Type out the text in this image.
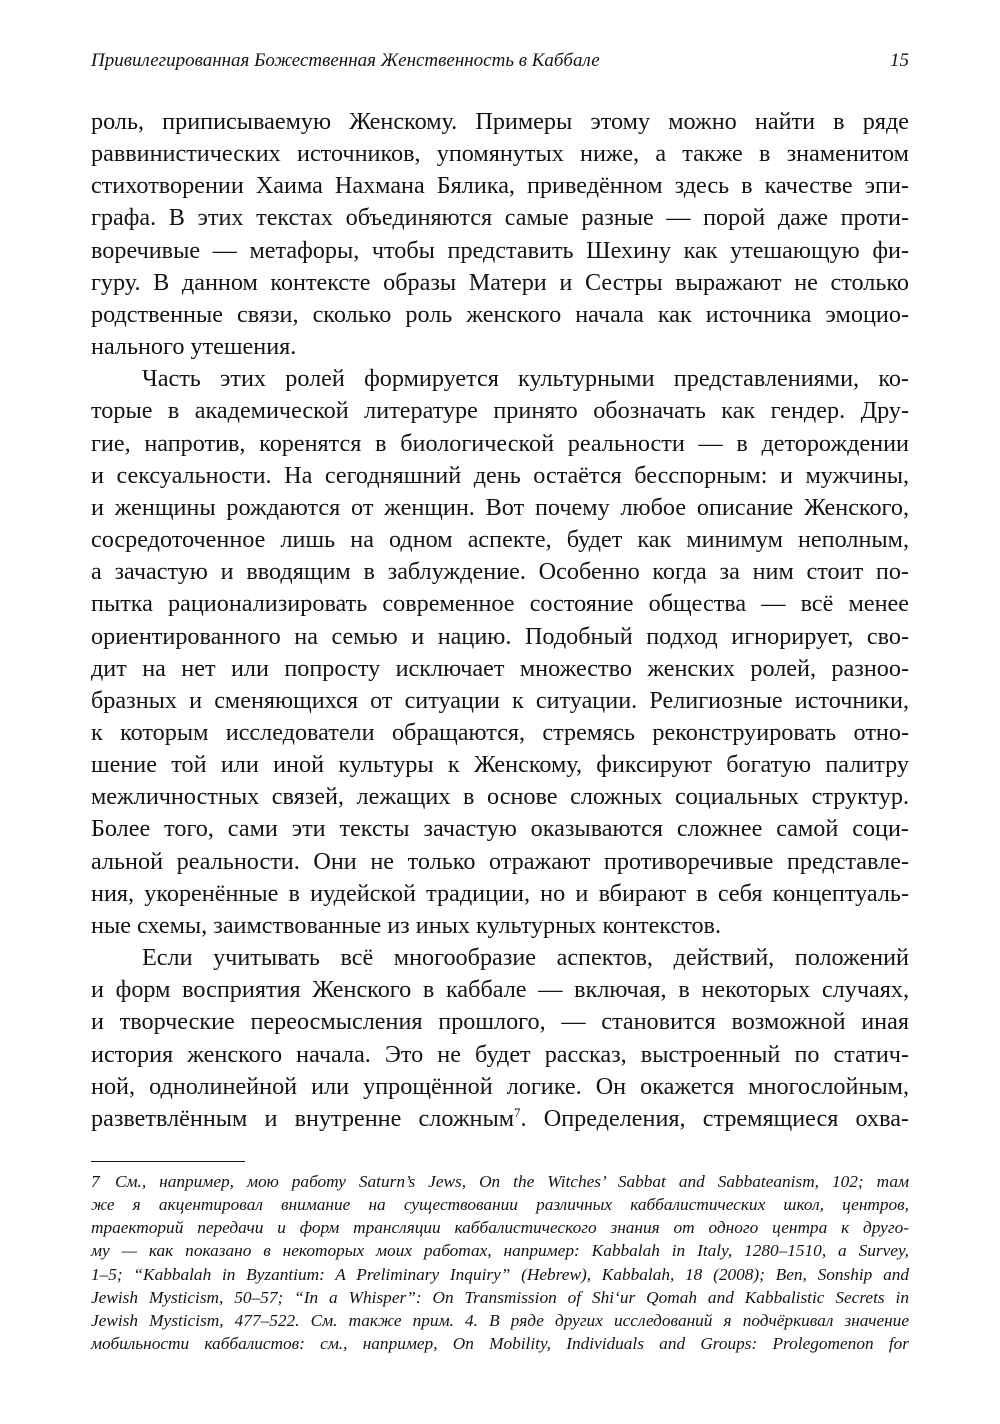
Привилегированная Божественная Женственность в Каббале	15

роль, приписываемую Женскому. Примеры этому можно найти в ряде

раввинистических источников, упомянутых ниже, а также в знаменитом

стихотворении Хаима Нахмана Бялика, приведённом здесь в качестве эпи-

графа. В этих текстах объединяются самые разные — порой даже проти-

воречивые — метафоры, чтобы представить Шехину как утешающую фи-

гуру. В данном контексте образы Матери и Сестры выражают не столько

родственные связи, сколько роль женского начала как источника эмоцио-

нального утешения.

Часть этих ролей формируется культурными представлениями, ко-

торые в академической литературе принято обозначать как гендер. Дру-

гие, напротив, коренятся в биологической реальности — в деторождении

и сексуальности. На сегодняшний день остаётся бесспорным: и мужчины,

и женщины рождаются от женщин. Вот почему любое описание Женского,

сосредоточенное лишь на одном аспекте, будет как минимум неполным,

а зачастую и вводящим в заблуждение. Особенно когда за ним стоит по-

пытка рационализировать современное состояние общества — всё менее

ориентированного на семью и нацию. Подобный подход игнорирует, сво-

дит на нет или попросту исключает множество женских ролей, разноо-

бразных и сменяющихся от ситуации к ситуации. Религиозные источники,

к которым исследователи обращаются, стремясь реконструировать отно-

шение той или иной культуры к Женскому, фиксируют богатую палитру

межличностных связей, лежащих в основе сложных социальных структур.

Более того, сами эти тексты зачастую оказываются сложнее самой соци-

альной реальности. Они не только отражают противоречивые представле-

ния, укоренённые в иудейской традиции, но и вбирают в себя концептуаль-

ные схемы, заимствованные из иных культурных контекстов.

Если учитывать всё многообразие аспектов, действий, положений

и форм восприятия Женского в каббале — включая, в некоторых случаях,

и творческие переосмысления прошлого, — становится возможной иная

история женского начала. Это не будет рассказ, выстроенный по статич-

ной, однолинейной или упрощённой логике. Он окажется многослойным,

разветвлённым и внутренне сложным$^7$. Определения, стремящиеся охва-

7 См., например, мою работу Saturn’s Jews, On the Witches’ Sabbat and Sabbateanism, 102; там

же я акцентировал внимание на существовании различных каббалистических школ, центров,

траекторий передачи и форм трансляции каббалистического знания от одного центра к друго-

му — как показано в некоторых моих работах, например: Kabbalah in Italy, 1280–1510, a Survey,

1–5; “Kabbalah in Byzantium: A Preliminary Inquiry” (Hebrew), Kabbalah, 18 (2008); Ben, Sonship and

Jewish Mysticism, 50–57; “In a Whisper”: On Transmission of Shi‘ur Qomah and Kabbalistic Secrets in

Jewish Mysticism, 477–522. См. также прим. 4. В ряде других исследований я подчёркивал значение

мобильности каббалистов: см., например, On Mobility, Individuals and Groups: Prolegomenon for
